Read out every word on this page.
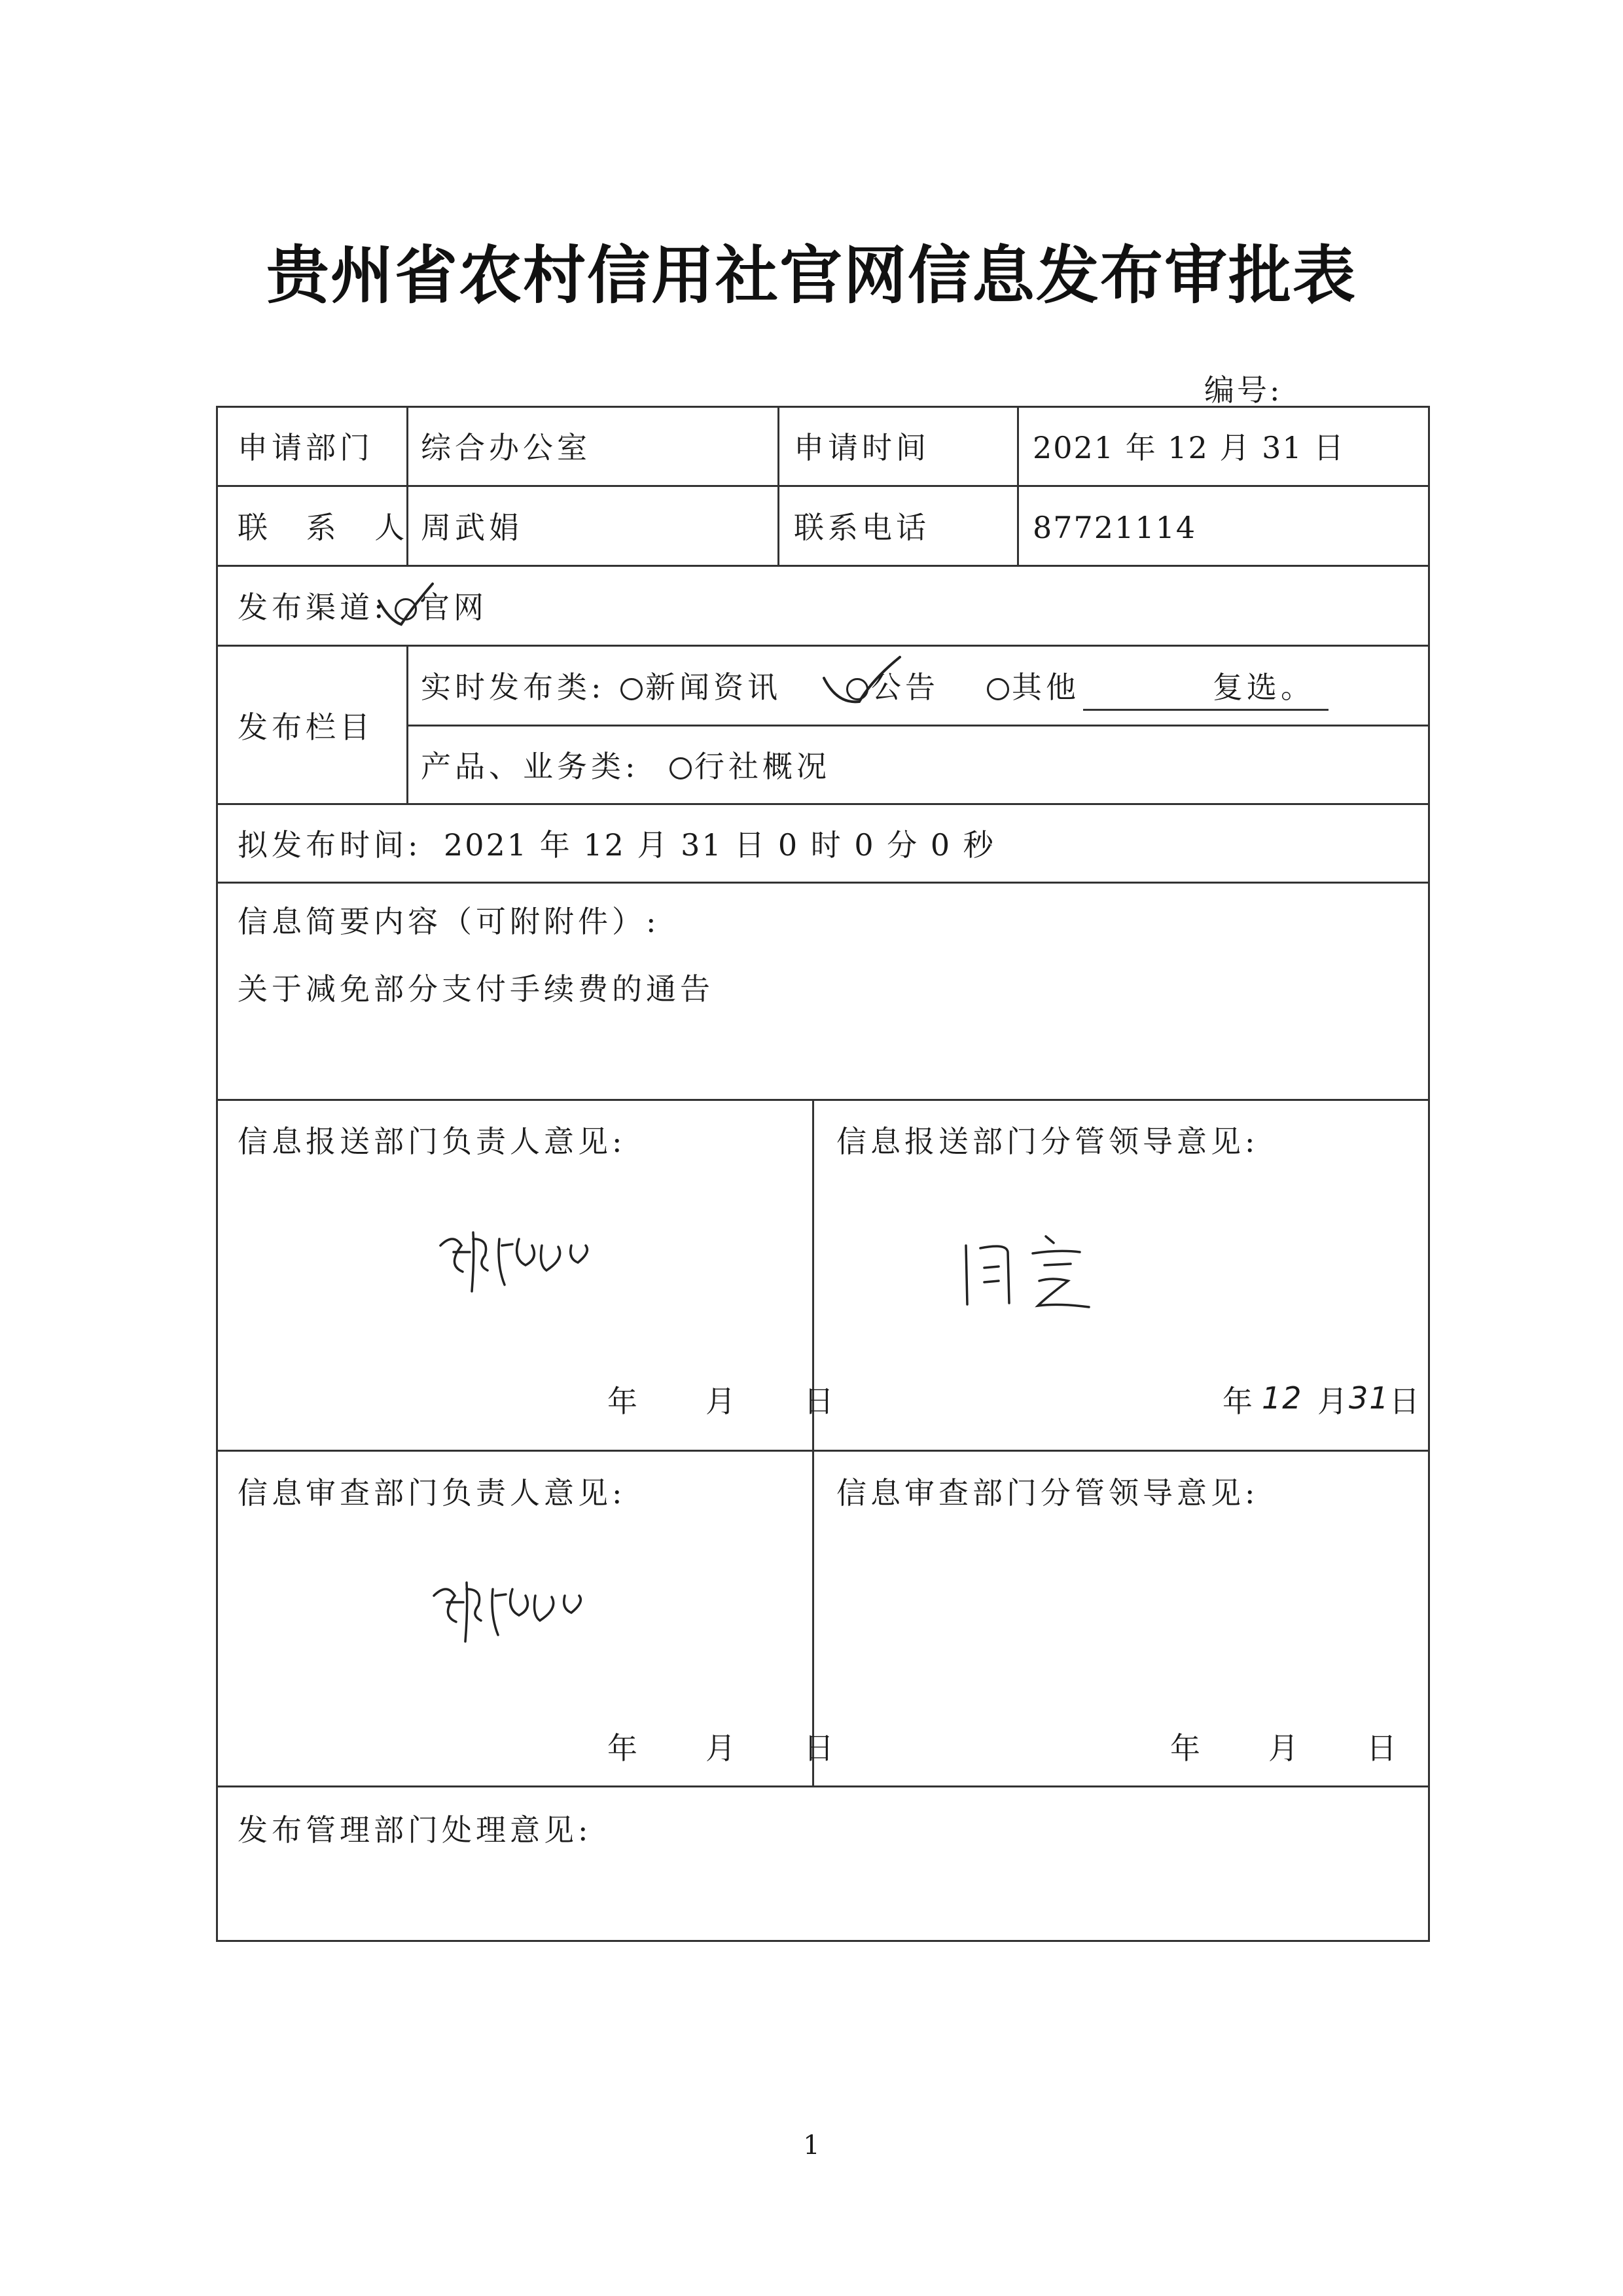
贵州省农村信用社官网信息发布审批表
编号:
申请部门 综合办公室	申请时间	2021 年 12 月 31 日
联 系 人 周武娟	联系电话	87721114
发布渠道:	官网
发布栏目
实时发布类:	新闻资讯	公告	其他	复选。
产品、业务类:	行社概况
拟发布时间: 2021 年 12 月 31 日 0 时 0 分 0 秒
信息简要内容（可附附件）:
关于减免部分支付手续费的通告
信息报送部门负责人意见:
年　　月　　日
信息报送部门分管领导意见:
年 12 月
31 日
信息审查部门负责人意见:
年　　月　　日
信息审查部门分管领导意见:
年　　月　　日
发布管理部门处理意见:
1
